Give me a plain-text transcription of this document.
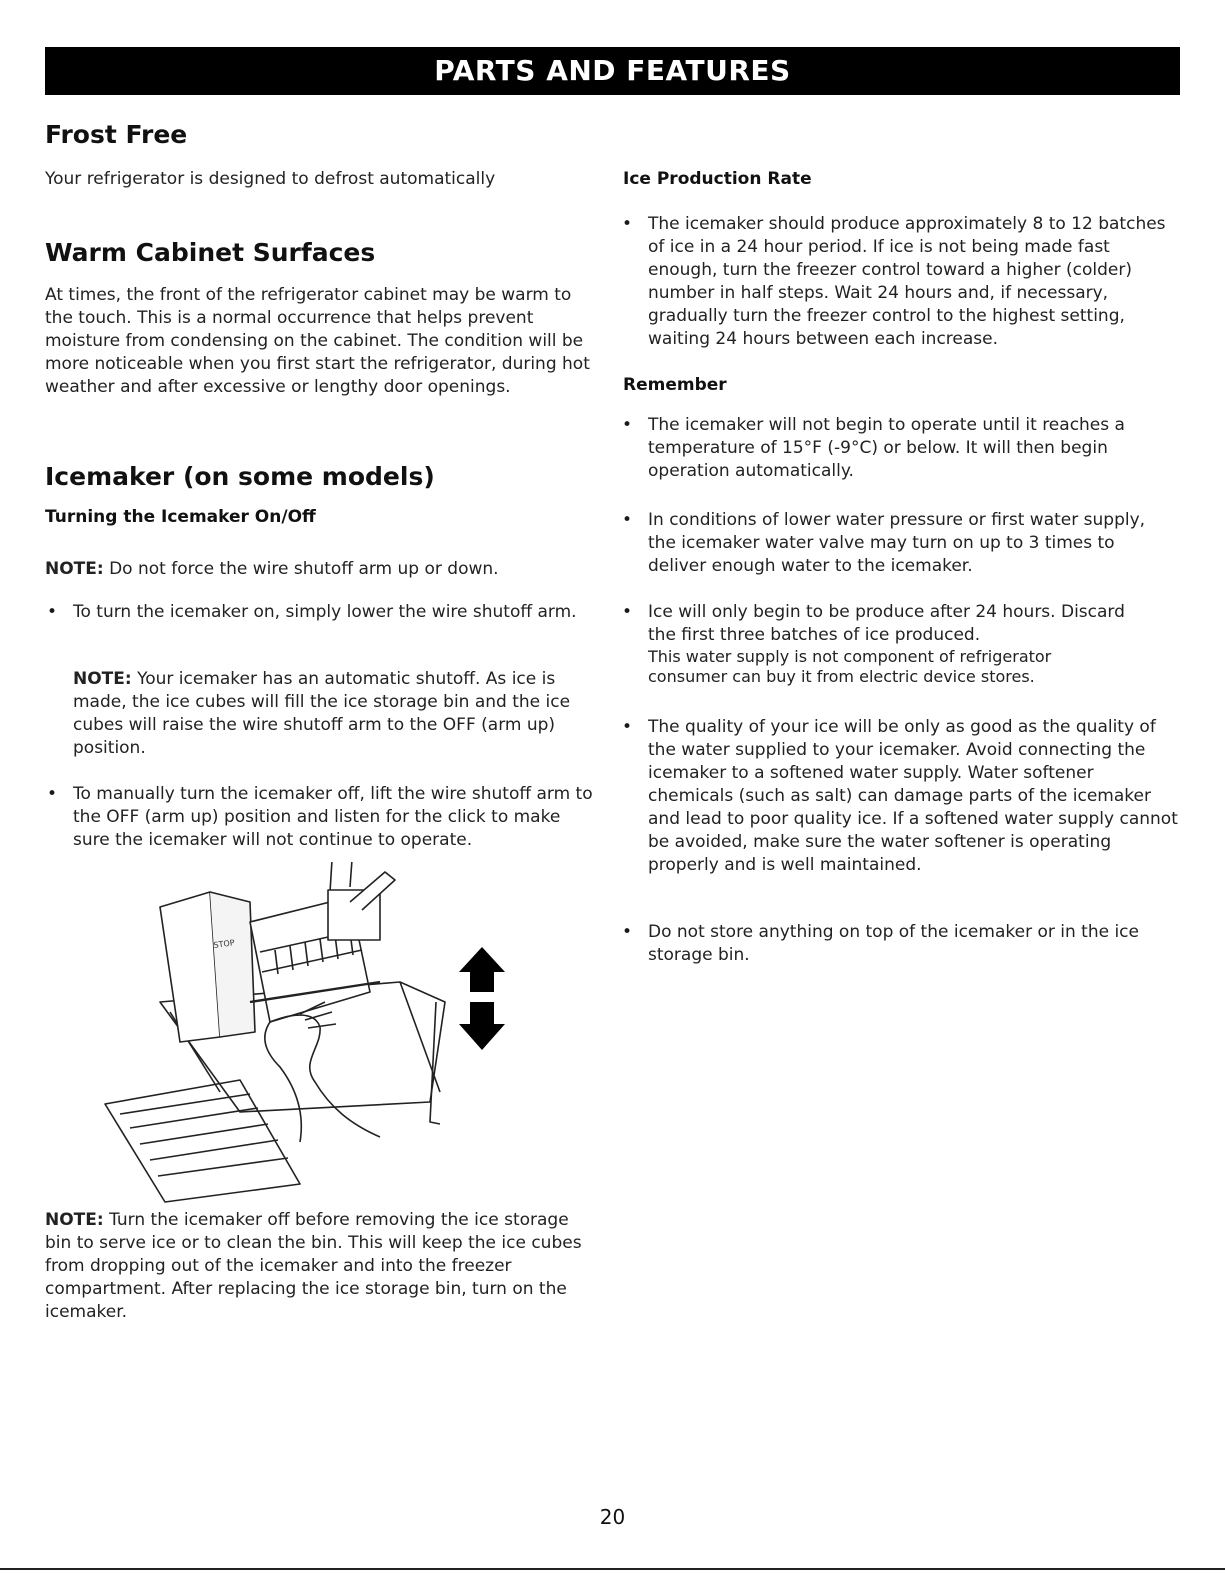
PARTS AND FEATURES
Frost Free

Your refrigerator is designed to defrost automatically

Warm Cabinet Surfaces

At times, the front of the refrigerator cabinet may be warm to the touch. This is a normal occurrence that helps prevent moisture from condensing on the cabinet. The condition will be more noticeable when you first start the refrigerator, during hot weather and after excessive or lengthy door openings.

Icemaker (on some models)
Turning the Icemaker On/Off

NOTE: Do not force the wire shutoff arm up or down.

• To turn the icemaker on, simply lower the wire shutoff arm.

NOTE: Your icemaker has an automatic shutoff. As ice is made, the ice cubes will fill the ice storage bin and the ice cubes will raise the wire shutoff arm to the OFF (arm up) position.

• To manually turn the icemaker off, lift the wire shutoff arm to the OFF (arm up) position and listen for the click to make sure the icemaker will not continue to operate.

NOTE: Turn the icemaker off before removing the ice storage bin to serve ice or to clean the bin. This will keep the ice cubes from dropping out of the icemaker and into the freezer compartment. After replacing the ice storage bin, turn on the icemaker.

STOP
Ice Production Rate
• The icemaker should produce approximately 8 to 12 batches of ice in a 24 hour period. If ice is not being made fast enough, turn the freezer control toward a higher (colder) number in half steps. Wait 24 hours and, if necessary, gradually turn the freezer control to the highest setting, waiting 24 hours between each increase.

Remember
• The icemaker will not begin to operate until it reaches a temperature of 15°F (-9°C) or below. It will then begin operation automatically.

• In conditions of lower water pressure or first water supply, the icemaker water valve may turn on up to 3 times to deliver enough water to the icemaker.

• Ice will only begin to be produce after 24 hours. Discard the first three batches of ice produced.

This water supply is not component of refrigerator consumer can buy it from electric device stores.

• The quality of your ice will be only as good as the quality of the water supplied to your icemaker. Avoid connecting the icemaker to a softened water supply. Water softener chemicals (such as salt) can damage parts of the icemaker and lead to poor quality ice. If a softened water supply cannot be avoided, make sure the water softener is operating properly and is well maintained.

• Do not store anything on top of the icemaker or in the ice storage bin.

20
